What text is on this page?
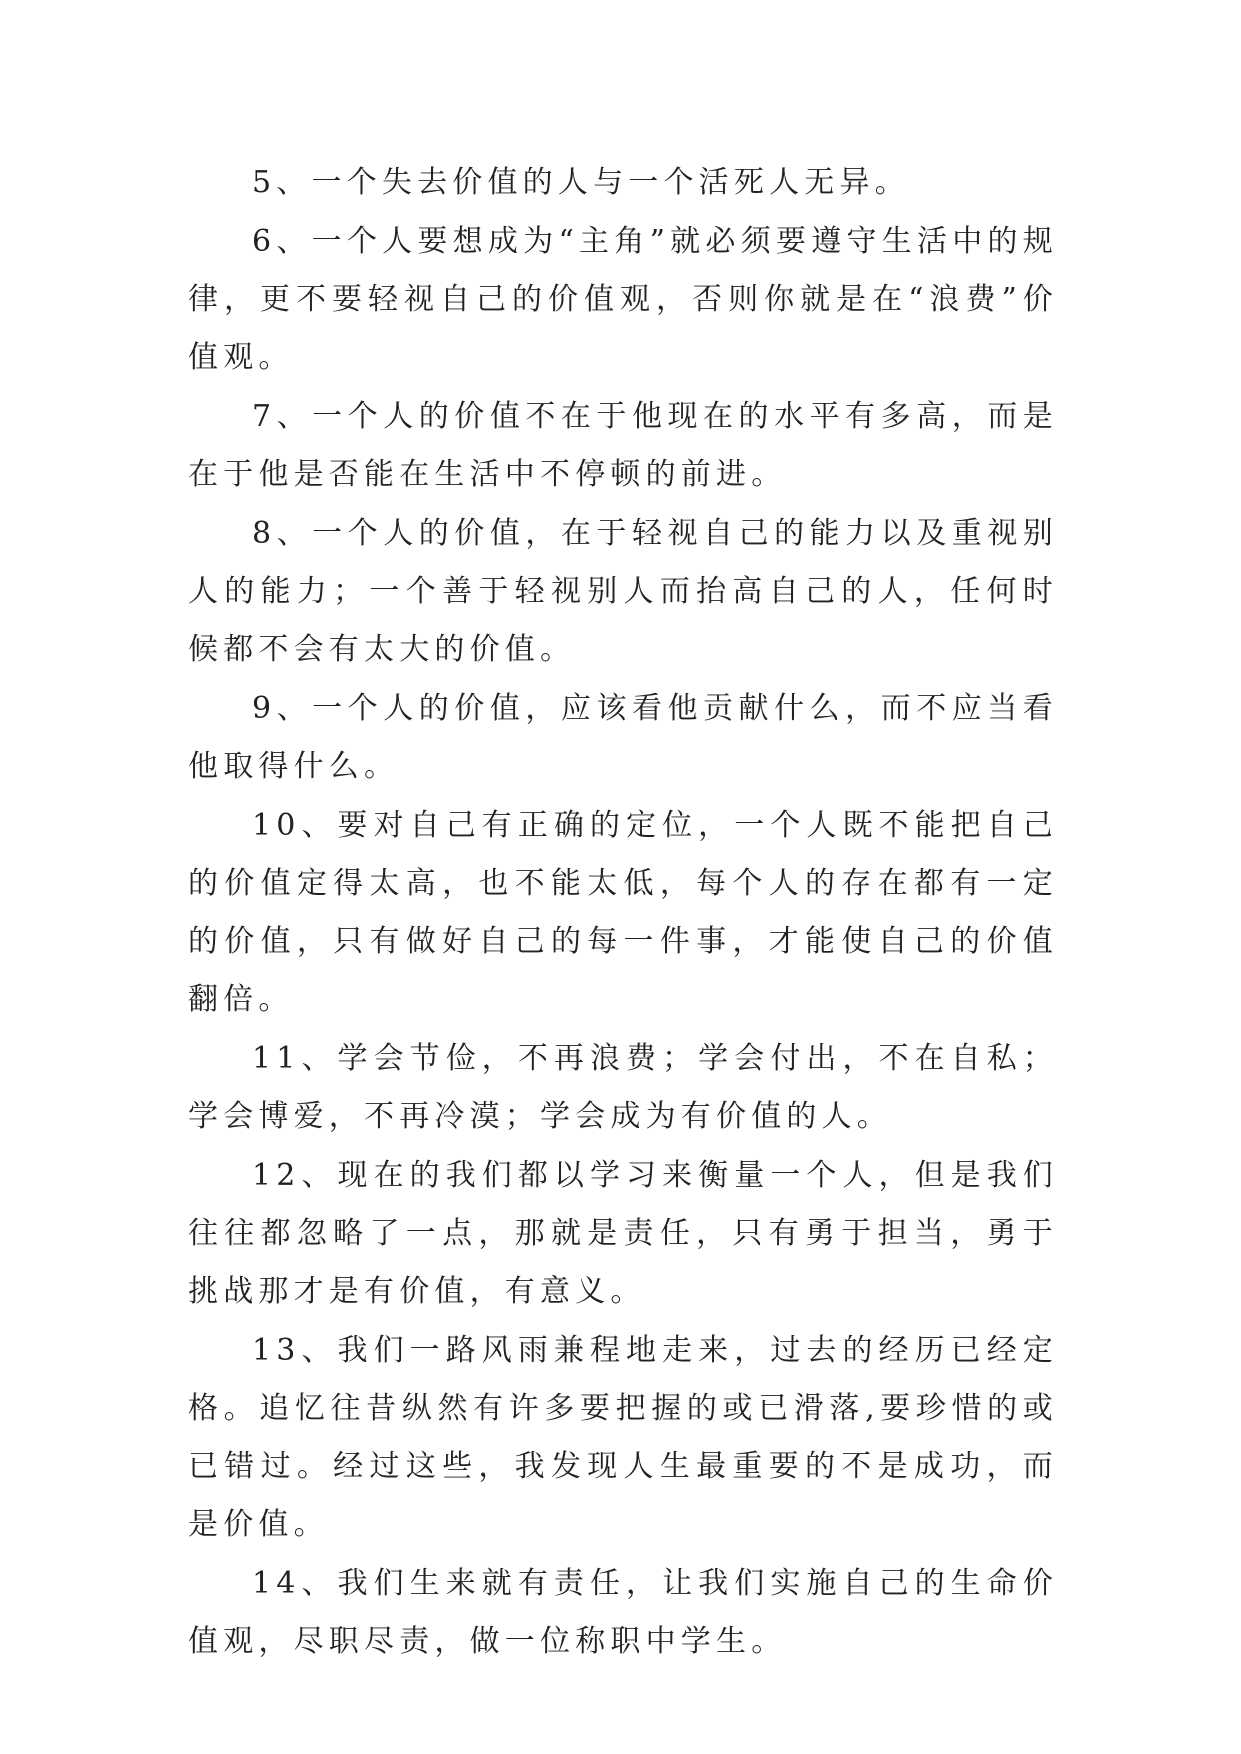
5、一个失去价值的人与一个活死人无异。

6、一个人要想成为“主角”就必须要遵守生活中的规律，更不要轻视自己的价值观，否则你就是在“浪费”价值观。

7、一个人的价值不在于他现在的水平有多高，而是在于他是否能在生活中不停顿的前进。

8、一个人的价值，在于轻视自己的能力以及重视别人的能力；一个善于轻视别人而抬高自己的人，任何时候都不会有太大的价值。

9、一个人的价值，应该看他贡献什么，而不应当看他取得什么。

10、要对自己有正确的定位，一个人既不能把自己的价值定得太高，也不能太低，每个人的存在都有一定的价值，只有做好自己的每一件事，才能使自己的价值翻倍。

11、学会节俭，不再浪费；学会付出，不在自私；学会博爱，不再冷漠；学会成为有价值的人。

12、现在的我们都以学习来衡量一个人，但是我们往往都忽略了一点，那就是责任，只有勇于担当，勇于挑战那才是有价值，有意义。

13、我们一路风雨兼程地走来，过去的经历已经定格。追忆往昔纵然有许多要把握的或已滑落,要珍惜的或已错过。经过这些，我发现人生最重要的不是成功，而是价值。

14、我们生来就有责任，让我们实施自己的生命价值观，尽职尽责，做一位称职中学生。
